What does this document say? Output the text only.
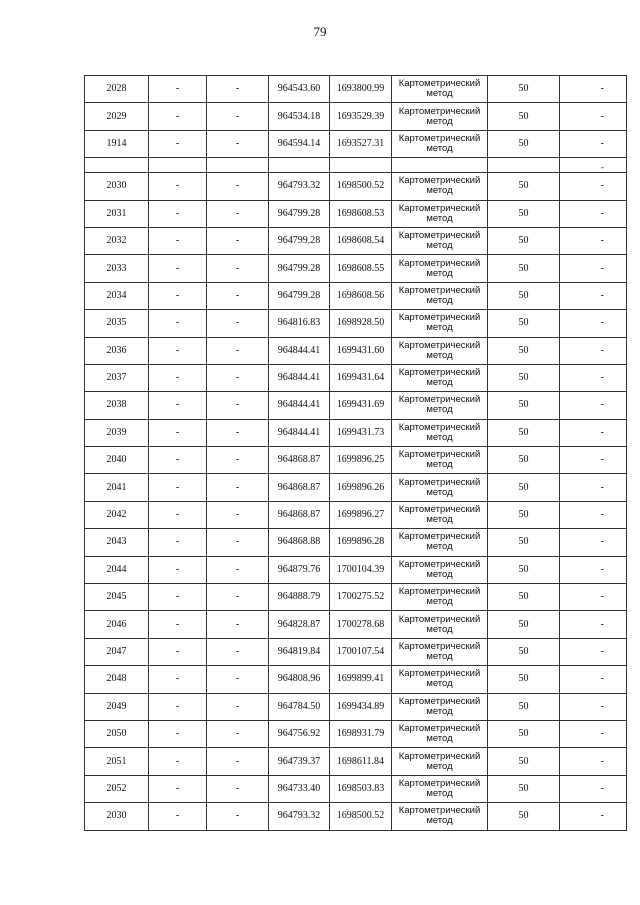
79
2028	-	-	964543.60	1693800.99	Картометрический метод	50	-
2029	-	-	964534.18	1693529.39	Картометрический метод	50	-
1914	-	-	964594.14	1693527.31	Картометрический метод	50	-
							-
2030	-	-	964793.32	1698500.52	Картометрический метод	50	-
2031	-	-	964799.28	1698608.53	Картометрический метод	50	-
2032	-	-	964799.28	1698608.54	Картометрический метод	50	-
2033	-	-	964799.28	1698608.55	Картометрический метод	50	-
2034	-	-	964799.28	1698608.56	Картометрический метод	50	-
2035	-	-	964816.83	1698928.50	Картометрический метод	50	-
2036	-	-	964844.41	1699431.60	Картометрический метод	50	-
2037	-	-	964844.41	1699431.64	Картометрический метод	50	-
2038	-	-	964844.41	1699431.69	Картометрический метод	50	-
2039	-	-	964844.41	1699431.73	Картометрический метод	50	-
2040	-	-	964868.87	1699896.25	Картометрический метод	50	-
2041	-	-	964868.87	1699896.26	Картометрический метод	50	-
2042	-	-	964868.87	1699896.27	Картометрический метод	50	-
2043	-	-	964868.88	1699896.28	Картометрический метод	50	-
2044	-	-	964879.76	1700104.39	Картометрический метод	50	-
2045	-	-	964888.79	1700275.52	Картометрический метод	50	-
2046	-	-	964828.87	1700278.68	Картометрический метод	50	-
2047	-	-	964819.84	1700107.54	Картометрический метод	50	-
2048	-	-	964808.96	1699899.41	Картометрический метод	50	-
2049	-	-	964784.50	1699434.89	Картометрический метод	50	-
2050	-	-	964756.92	1698931.79	Картометрический метод	50	-
2051	-	-	964739.37	1698611.84	Картометрический метод	50	-
2052	-	-	964733.40	1698503.83	Картометрический метод	50	-
2030	-	-	964793.32	1698500.52	Картометрический метод	50	-
